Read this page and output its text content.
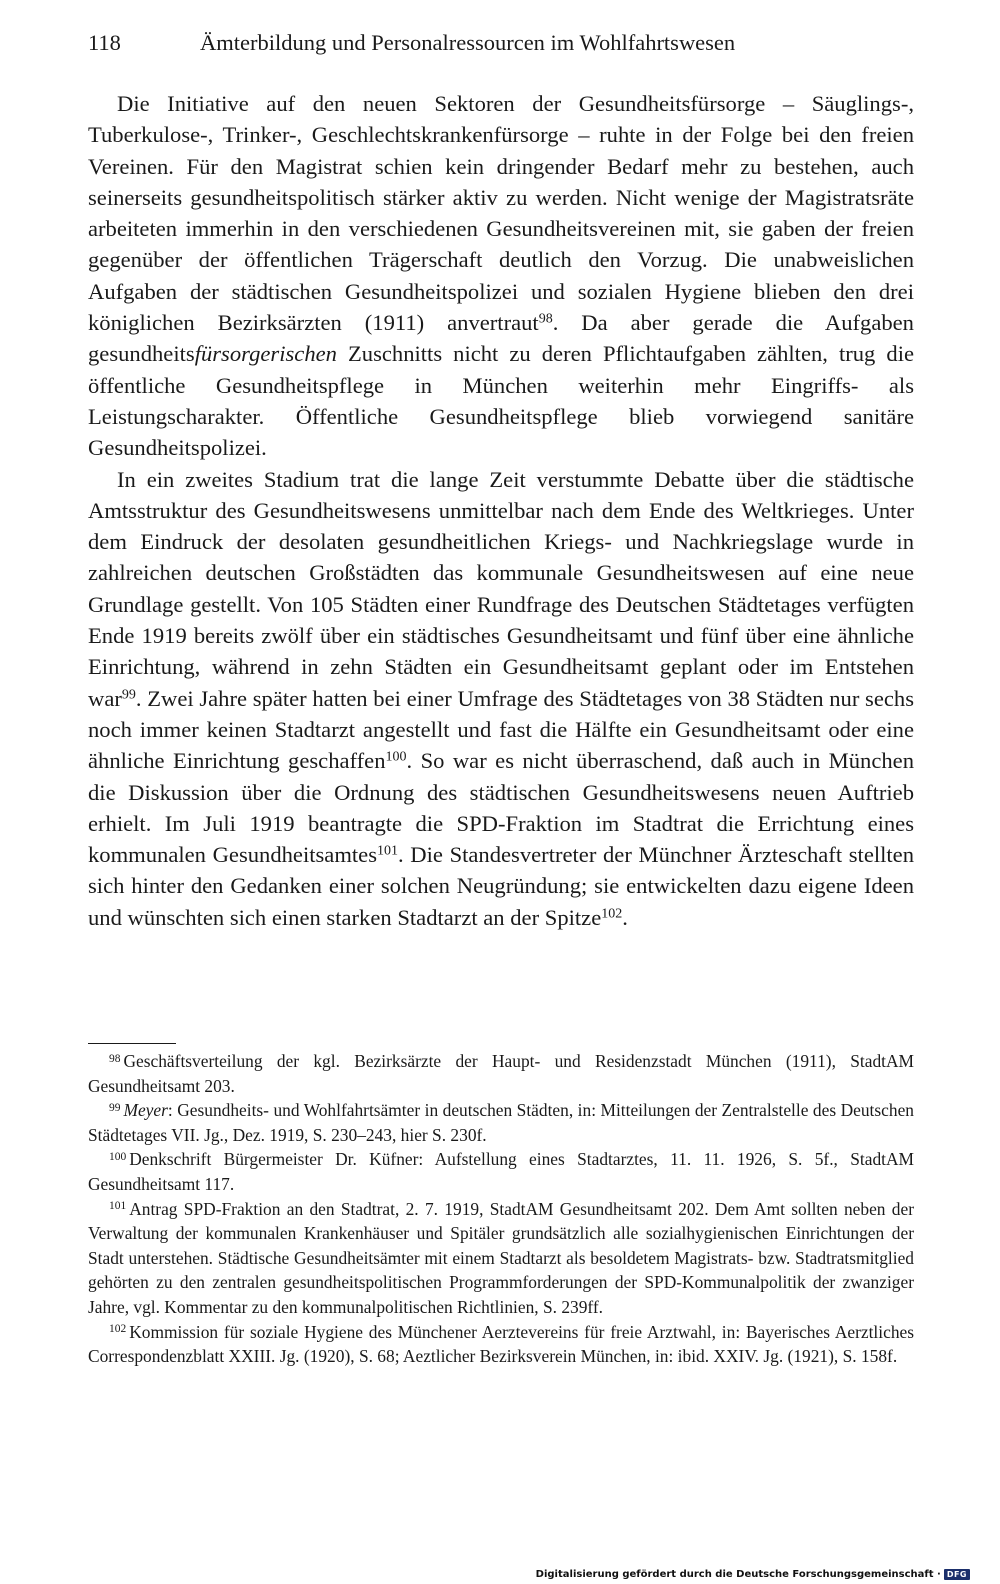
118	Ämterbildung und Personalressourcen im Wohlfahrtswesen

Die Initiative auf den neuen Sektoren der Gesundheitsfürsorge – Säuglings-, Tuberkulose-, Trinker-, Geschlechtskrankenfürsorge – ruhte in der Folge bei den freien Vereinen. Für den Magistrat schien kein dringender Bedarf mehr zu bestehen, auch seinerseits gesundheitspolitisch stärker aktiv zu werden. Nicht wenige der Magistratsräte arbeiteten immerhin in den verschiedenen Gesundheitsvereinen mit, sie gaben der freien gegenüber der öffentlichen Trägerschaft deutlich den Vorzug. Die unabweislichen Aufgaben der städtischen Gesundheitspolizei und sozialen Hygiene blieben den drei königlichen Bezirksärzten (1911) anvertraut$^{98}$. Da aber gerade die Aufgaben gesundheitsfürsorgerischen Zuschnitts nicht zu deren Pflichtaufgaben zählten, trug die öffentliche Gesundheitspflege in München weiterhin mehr Eingriffs- als Leistungscharakter. Öffentliche Gesundheitspflege blieb vorwiegend sanitäre Gesundheitspolizei.

In ein zweites Stadium trat die lange Zeit verstummte Debatte über die städtische Amtsstruktur des Gesundheitswesens unmittelbar nach dem Ende des Weltkrieges. Unter dem Eindruck der desolaten gesundheitlichen Kriegs- und Nachkriegslage wurde in zahlreichen deutschen Großstädten das kommunale Gesundheitswesen auf eine neue Grundlage gestellt. Von 105 Städten einer Rundfrage des Deutschen Städtetages verfügten Ende 1919 bereits zwölf über ein städtisches Gesundheitsamt und fünf über eine ähnliche Einrichtung, während in zehn Städten ein Gesundheitsamt geplant oder im Entstehen war$^{99}$. Zwei Jahre später hatten bei einer Umfrage des Städtetages von 38 Städten nur sechs noch immer keinen Stadtarzt angestellt und fast die Hälfte ein Gesundheitsamt oder eine ähnliche Einrichtung geschaffen$^{100}$. So war es nicht überraschend, daß auch in München die Diskussion über die Ordnung des städtischen Gesundheitswesens neuen Auftrieb erhielt. Im Juli 1919 beantragte die SPD-Fraktion im Stadtrat die Errichtung eines kommunalen Gesundheitsamtes$^{101}$. Die Standesvertreter der Münchner Ärzteschaft stellten sich hinter den Gedanken einer solchen Neugründung; sie entwickelten dazu eigene Ideen und wünschten sich einen starken Stadtarzt an der Spitze$^{102}$.

$^{98}$ Geschäftsverteilung der kgl. Bezirksärzte der Haupt- und Residenzstadt München (1911), StadtAM Gesundheitsamt 203.

$^{99}$ Meyer: Gesundheits- und Wohlfahrtsämter in deutschen Städten, in: Mitteilungen der Zentralstelle des Deutschen Städtetages VII. Jg., Dez. 1919, S. 230–243, hier S. 230f.

$^{100}$ Denkschrift Bürgermeister Dr. Küfner: Aufstellung eines Stadtarztes, 11. 11. 1926, S. 5f., StadtAM Gesundheitsamt 117.

$^{101}$ Antrag SPD-Fraktion an den Stadtrat, 2. 7. 1919, StadtAM Gesundheitsamt 202. Dem Amt sollten neben der Verwaltung der kommunalen Krankenhäuser und Spitäler grundsätzlich alle sozialhygienischen Einrichtungen der Stadt unterstehen. Städtische Gesundheitsämter mit einem Stadtarzt als besoldetem Magistrats- bzw. Stadtratsmitglied gehörten zu den zentralen gesundheitspolitischen Programmforderungen der SPD-Kommunalpolitik der zwanziger Jahre, vgl. Kommentar zu den kommunalpolitischen Richtlinien, S. 239ff.

$^{102}$ Kommission für soziale Hygiene des Münchener Aerztevereins für freie Arztwahl, in: Bayerisches Aerztliches Correspondenzblatt XXIII. Jg. (1920), S. 68; Aeztlicher Bezirksverein München, in: ibid. XXIV. Jg. (1921), S. 158f.

Digitalisierung gefördert durch die Deutsche Forschungsgemeinschaft · DFG
